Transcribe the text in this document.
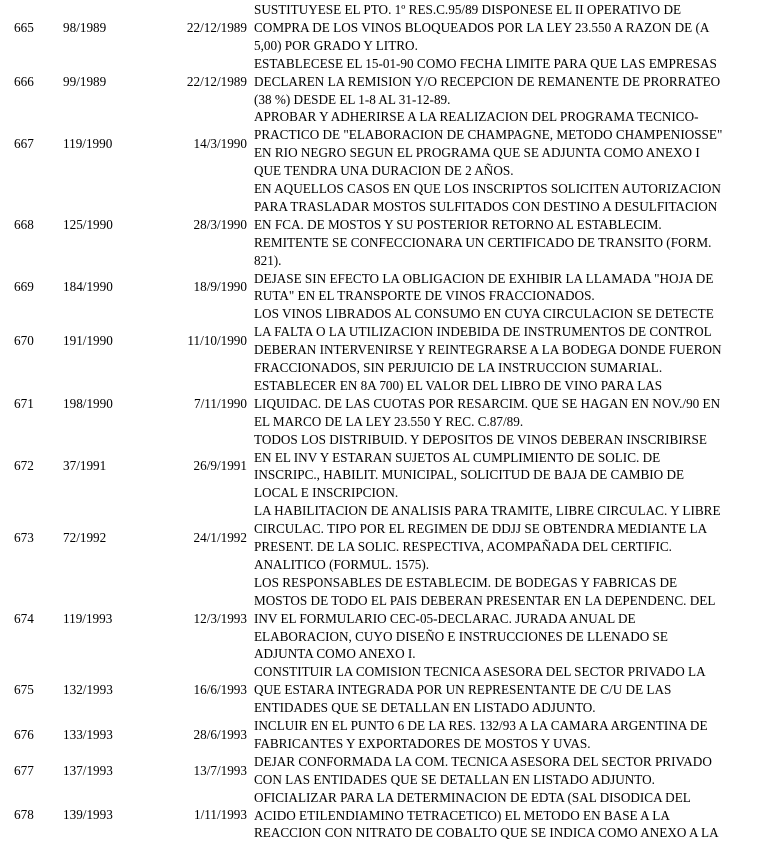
665 98/1989	22/12/1989
SUSTITUYESE EL PTO. 1º RES.C.95/89 DISPONESE EL II OPERATIVO DE
COMPRA DE LOS VINOS BLOQUEADOS POR LA LEY 23.550 A RAZON DE (A
5,00) POR GRADO Y LITRO.
666 99/1989	22/12/1989
ESTABLECESE EL 15-01-90 COMO FECHA LIMITE PARA QUE LAS EMPRESAS
DECLAREN LA REMISION Y/O RECEPCION DE REMANENTE DE PRORRATEO
(38 %) DESDE EL 1-8 AL 31-12-89.
667 119/1990	14/3/1990
APROBAR Y ADHERIRSE A LA REALIZACION DEL PROGRAMA TECNICO-
PRACTICO DE "ELABORACION DE CHAMPAGNE, METODO CHAMPENIOSSE"
EN RIO NEGRO SEGUN EL PROGRAMA QUE SE ADJUNTA COMO ANEXO I
QUE TENDRA UNA DURACION DE 2 AÑOS.
668 125/1990	28/3/1990
EN AQUELLOS CASOS EN QUE LOS INSCRIPTOS SOLICITEN AUTORIZACION
PARA TRASLADAR MOSTOS SULFITADOS CON DESTINO A DESULFITACION
EN FCA. DE MOSTOS Y SU POSTERIOR RETORNO AL ESTABLECIM.
REMITENTE SE CONFECCIONARA UN CERTIFICADO DE TRANSITO (FORM.
821).
669 184/1990	18/9/1990
DEJASE SIN EFECTO LA OBLIGACION DE EXHIBIR LA LLAMADA "HOJA DE
RUTA" EN EL TRANSPORTE DE VINOS FRACCIONADOS.
670 191/1990	11/10/1990
LOS VINOS LIBRADOS AL CONSUMO EN CUYA CIRCULACION SE DETECTE
LA FALTA O LA UTILIZACION INDEBIDA DE INSTRUMENTOS DE CONTROL
DEBERAN INTERVENIRSE Y REINTEGRARSE A LA BODEGA DONDE FUERON
FRACCIONADOS, SIN PERJUICIO DE LA INSTRUCCION SUMARIAL.
671 198/1990	7/11/1990
ESTABLECER EN 8A 700) EL VALOR DEL LIBRO DE VINO PARA LAS
LIQUIDAC. DE LAS CUOTAS POR RESARCIM. QUE SE HAGAN EN NOV./90 EN
EL MARCO DE LA LEY 23.550 Y REC. C.87/89.
672 37/1991	26/9/1991
TODOS LOS DISTRIBUID. Y DEPOSITOS DE VINOS DEBERAN INSCRIBIRSE
EN EL INV Y ESTARAN SUJETOS AL CUMPLIMIENTO DE SOLIC. DE
INSCRIPC., HABILIT. MUNICIPAL, SOLICITUD DE BAJA DE CAMBIO DE
LOCAL E INSCRIPCION.
673 72/1992	24/1/1992
LA HABILITACION DE ANALISIS PARA TRAMITE, LIBRE CIRCULAC. Y LIBRE
CIRCULAC. TIPO POR EL REGIMEN DE DDJJ SE OBTENDRA MEDIANTE LA
PRESENT. DE LA SOLIC. RESPECTIVA, ACOMPAÑADA DEL CERTIFIC.
ANALITICO (FORMUL. 1575).
674 119/1993	12/3/1993
LOS RESPONSABLES DE ESTABLECIM. DE BODEGAS Y FABRICAS DE
MOSTOS DE TODO EL PAIS DEBERAN PRESENTAR EN LA DEPENDENC. DEL
INV EL FORMULARIO CEC-05-DECLARAC. JURADA ANUAL DE
ELABORACION, CUYO DISEÑO E INSTRUCCIONES DE LLENADO SE
ADJUNTA COMO ANEXO I.
675 132/1993	16/6/1993
CONSTITUIR LA COMISION TECNICA ASESORA DEL SECTOR PRIVADO LA
QUE ESTARA INTEGRADA POR UN REPRESENTANTE DE C/U DE LAS
ENTIDADES QUE SE DETALLAN EN LISTADO ADJUNTO.
676 133/1993	28/6/1993
INCLUIR EN EL PUNTO 6 DE LA RES. 132/93 A LA CAMARA ARGENTINA DE
FABRICANTES Y EXPORTADORES DE MOSTOS Y UVAS.
677 137/1993	13/7/1993
DEJAR CONFORMADA LA COM. TECNICA ASESORA DEL SECTOR PRIVADO
CON LAS ENTIDADES QUE SE DETALLAN EN LISTADO ADJUNTO.
678 139/1993	1/11/1993
OFICIALIZAR PARA LA DETERMINACION DE EDTA (SAL DISODICA DEL
ACIDO ETILENDIAMINO TETRACETICO) EL METODO EN BASE A LA
REACCION CON NITRATO DE COBALTO QUE SE INDICA COMO ANEXO A LA
